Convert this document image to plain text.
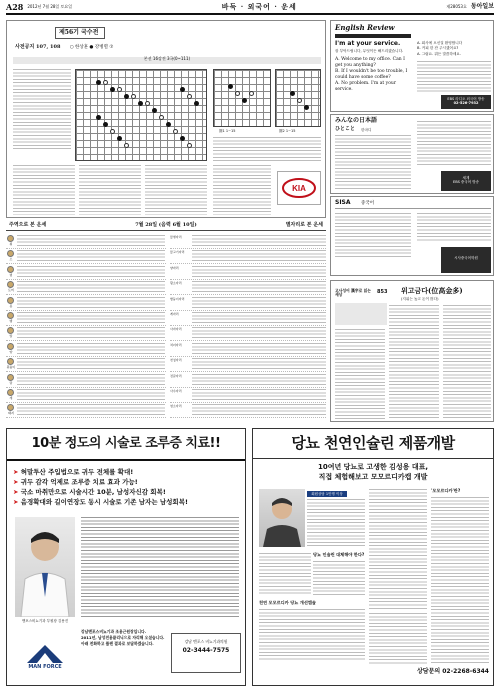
A28 2012년 7월 28일 토요일	바둑 · 외국어 · 운세	제28053호 동아일보
제56기 국수전
사전공지 107, 108 ○ 한상훈 ● 강병렬 ⑦
본선 16강전 3국(0~111)
图1 1~15	图2 1~15
KIA
English Review
I'm at your service.
잘 부탁드립니다, 무엇이든 해드리겠습니다.
A. Welcome to my office. Can I get you anything?
B. If I wouldn't be too trouble, I could have some coffee?
A. No problem. I'm at your service.
A. 회사에 오신걸 환영합니다
B. 커피 한 잔 주시겠어요?
A. 그럼요. 뭐든 말씀하세요.
EBS 라디오 외국어 방송
02-526-7932
みんなの日本語
ひとこと 한마디
세계
EBS 중국어 방송
SISA 중국어
시사중국어학원
주역으로 본 운세	7월 28일 (음력 6월 10일)	별자리로 본 운세
쥐
소
범
토끼
용
뱀
말
양
원숭이
닭
개
돼지
물병자리
물고기자리
양자리
황소자리
쌍둥이자리
게자리
사자자리
처녀자리
천칭자리
전갈자리
사수자리
염소자리
고사성어 漢字로 읽는 세상	853 위고금다(位高金多)
(지위는 높고 돈이 많다)
10분 정도의 시술로 조루증 치료!!
➤ 혀말투산 주입법으로 귀두 전체를 확대!
➤ 귀두 감각 억제로 조루증 치료 효과 가능!
➤ 국소 마취만으로 시술시간 10분, 남성자신감 회복!
➤ 음경확대와 길이연장도 동시 시술로 기존 남자는 남성회복!
맨포스비뇨기과 부원장 김용진
MAN FORCE
강남맨포스비뇨기과 조용근원장입니다.
2011년, 남성전용클리닉으로 자리해 오셨습니다.
아래 전화하고 플랜 결과로 보답하겠습니다.	강남 맨포스 비뇨기과의원
02-3444-7575
당뇨 천연인슐린 제품개발
10여년 당뇨로 고생한 김성용 대표,
직접 체험해보고 모모르디카캡 개발
회원상담 1만명 이상
당뇨 인슐린 대체해야 한다?
천연 모모르디카 당뇨 개선캡슐
'모모르디카'란?
상담문의 02-2268-6344
